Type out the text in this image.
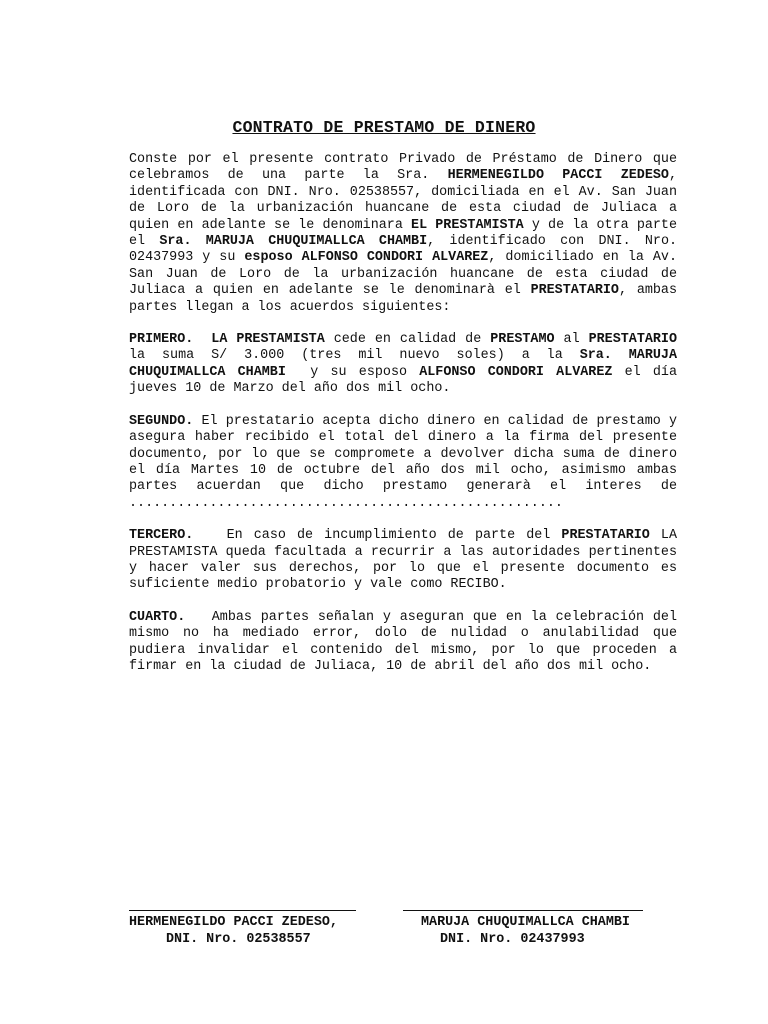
CONTRATO DE PRESTAMO DE DINERO

Conste por el presente contrato Privado de Préstamo de Dinero que celebramos de una parte la Sra. HERMENEGILDO PACCI ZEDESO, identificada con DNI. Nro. 02538557, domiciliada en el Av. San Juan de Loro de la urbanización huancane de esta ciudad de Juliaca a quien en adelante se le denominara EL PRESTAMISTA y de la otra parte el Sra. MARUJA CHUQUIMALLCA CHAMBI, identificado con DNI. Nro. 02437993 y su esposo ALFONSO CONDORI ALVAREZ, domiciliado en la Av. San Juan de Loro de la urbanización huancane de esta ciudad de Juliaca a quien en adelante se le denominarà el PRESTATARIO, ambas partes llegan a los acuerdos siguientes:

PRIMERO. LA PRESTAMISTA cede en calidad de PRESTAMO al PRESTATARIO la suma S/ 3.000 (tres mil nuevo soles) a la Sra. MARUJA CHUQUIMALLCA CHAMBI  y su esposo ALFONSO CONDORI ALVAREZ el día jueves 10 de Marzo del año dos mil ocho.

SEGUNDO. El prestatario acepta dicho dinero en calidad de prestamo y asegura haber recibido el total del dinero a la firma del presente documento, por lo que se compromete a devolver dicha suma de dinero el día Martes 10 de octubre del año dos mil ocho, asimismo ambas partes acuerdan que dicho prestamo generarà el interes de ......................................................

TERCERO.   En caso de incumplimiento de parte del PRESTATARIO LA PRESTAMISTA queda facultada a recurrir a las autoridades pertinentes y hacer valer sus derechos, por lo que el presente documento es suficiente medio probatorio y vale como RECIBO.

CUARTO.   Ambas partes señalan y aseguran que en la celebración del mismo no ha mediado error, dolo de nulidad o anulabilidad que pudiera invalidar el contenido del mismo, por lo que proceden a firmar en la ciudad de Juliaca, 10 de abril del año dos mil ocho.

HERMENEGILDO PACCI ZEDESO,
DNI. Nro. 02538557
MARUJA CHUQUIMALLCA CHAMBI
DNI. Nro. 02437993
